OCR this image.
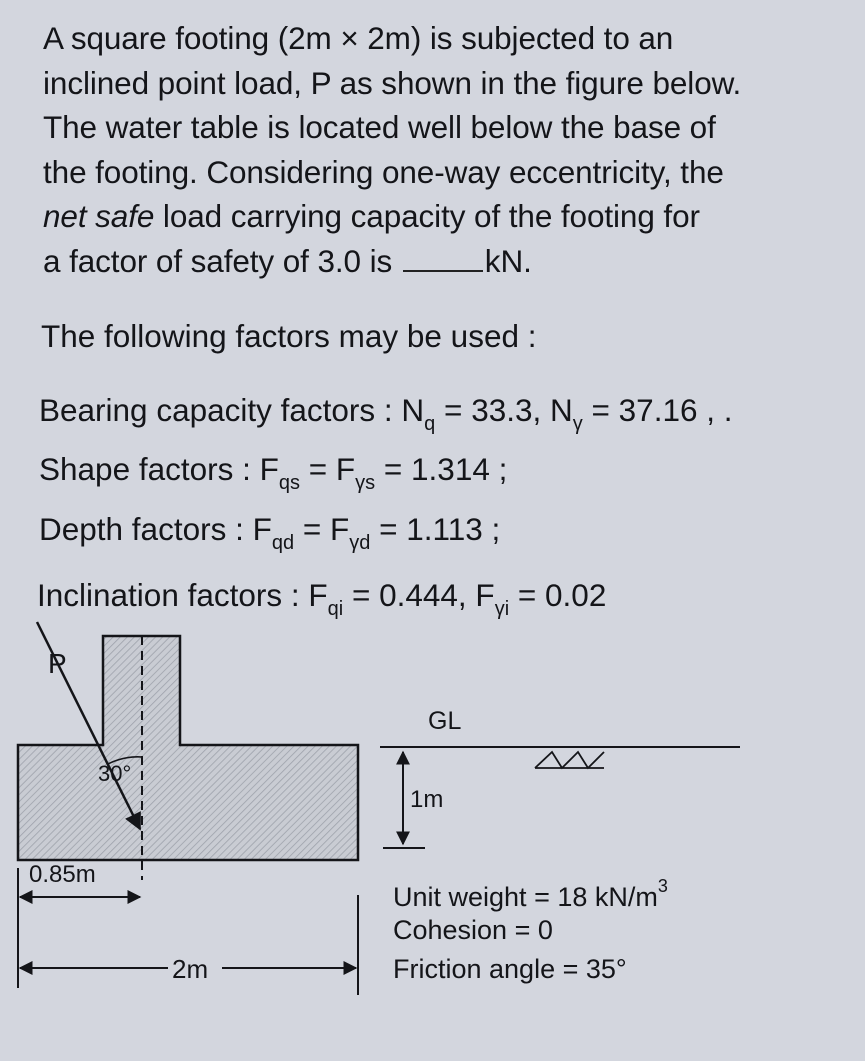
A square footing (2m × 2m) is subjected to an

inclined point load, P as shown in the figure below.

The water table is located well below the base of

the footing. Considering one-way eccentricity, the

net safe load carrying capacity of the footing for

a factor of safety of 3.0 is	kN.

The following factors may be used :
Bearing capacity factors : $N_q = 33.3$, $N_\gamma = 37.16$ , .
Shape factors : $F_{qs} = F_{\gamma s} = 1.314$ ;
Depth factors : $F_{qd} = F_{\gamma d} = 1.113$ ;
Inclination factors : $F_{qi} = 0.444$, $F_{\gamma i} = 0.02$
P
30°
GL
1m
0.85m
2m
Unit weight = 18 $kN/m^3$
Cohesion = 0
Friction angle = 35°
